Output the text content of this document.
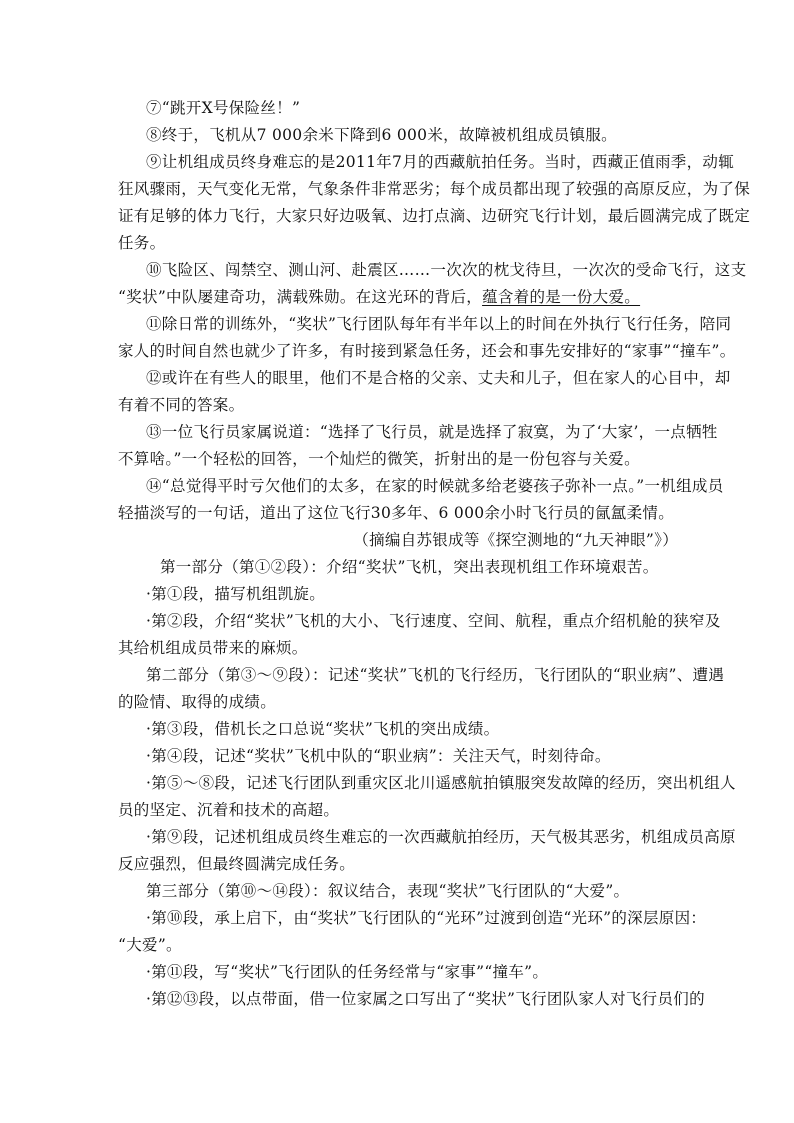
⑦“跳开X号保险丝！”
⑧终于，飞机从7 000余米下降到6 000米，故障被机组成员镇服。
⑨让机组成员终身难忘的是2011年7月的西藏航拍任务。当时，西藏正值雨季，动辄
狂风骤雨，天气变化无常，气象条件非常恶劣；每个成员都出现了较强的高原反应，为了保
证有足够的体力飞行，大家只好边吸氧、边打点滴、边研究飞行计划，最后圆满完成了既定
任务。
⑩飞险区、闯禁空、测山河、赴震区……一次次的枕戈待旦，一次次的受命飞行，这支
“奖状”中队屡建奇功，满载殊勋。在这光环的背后，蕴含着的是一份大爱。
⑪除日常的训练外，“奖状”飞行团队每年有半年以上的时间在外执行飞行任务，陪同
家人的时间自然也就少了许多，有时接到紧急任务，还会和事先安排好的“家事”“撞车”。
⑫或许在有些人的眼里，他们不是合格的父亲、丈夫和儿子，但在家人的心目中，却
有着不同的答案。
⑬一位飞行员家属说道：“选择了飞行员，就是选择了寂寞，为了‘大家’，一点牺牲
不算啥。”一个轻松的回答，一个灿烂的微笑，折射出的是一份包容与关爱。
⑭“总觉得平时亏欠他们的太多，在家的时候就多给老婆孩子弥补一点。”一机组成员
轻描淡写的一句话，道出了这位飞行30多年、6 000余小时飞行员的氤氲柔情。
（摘编自苏银成等《探空测地的“九天神眼”》）
第一部分（第①②段）：介绍“奖状”飞机，突出表现机组工作环境艰苦。
·第①段，描写机组凯旋。
·第②段，介绍“奖状”飞机的大小、飞行速度、空间、航程，重点介绍机舱的狭窄及
其给机组成员带来的麻烦。
第二部分（第③～⑨段）：记述“奖状”飞机的飞行经历，飞行团队的“职业病”、遭遇
的险情、取得的成绩。
·第③段，借机长之口总说“奖状”飞机的突出成绩。
·第④段，记述“奖状”飞机中队的“职业病”：关注天气，时刻待命。
·第⑤～⑧段，记述飞行团队到重灾区北川遥感航拍镇服突发故障的经历，突出机组人
员的坚定、沉着和技术的高超。
·第⑨段，记述机组成员终生难忘的一次西藏航拍经历，天气极其恶劣，机组成员高原
反应强烈，但最终圆满完成任务。
第三部分（第⑩～⑭段）：叙议结合，表现“奖状”飞行团队的“大爱”。
·第⑩段，承上启下，由“奖状”飞行团队的“光环”过渡到创造“光环”的深层原因：
“大爱”。
·第⑪段，写“奖状”飞行团队的任务经常与“家事”“撞车”。
·第⑫⑬段，以点带面，借一位家属之口写出了“奖状”飞行团队家人对飞行员们的
